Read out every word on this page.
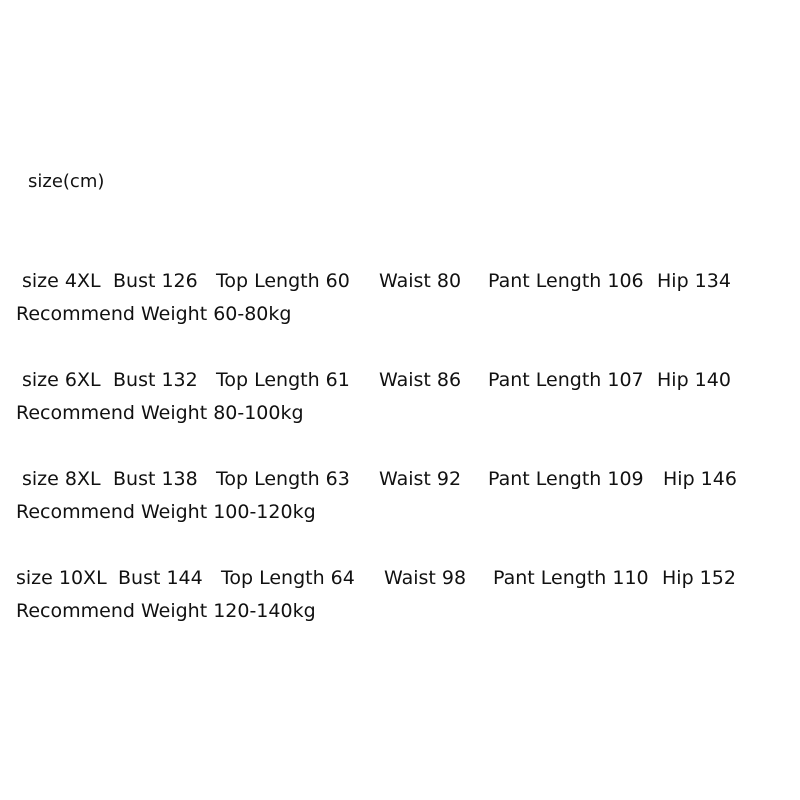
size(cm)
size 4XL Bust 126 Top Length 60 Waist 80 Pant Length 106 Hip 134
Recommend Weight 60-80kg
size 6XL Bust 132 Top Length 61 Waist 86 Pant Length 107 Hip 140
Recommend Weight 80-100kg
size 8XL Bust 138 Top Length 63 Waist 92 Pant Length 109 Hip 146
Recommend Weight 100-120kg
size 10XL Bust 144 Top Length 64 Waist 98 Pant Length 110 Hip 152
Recommend Weight 120-140kg
